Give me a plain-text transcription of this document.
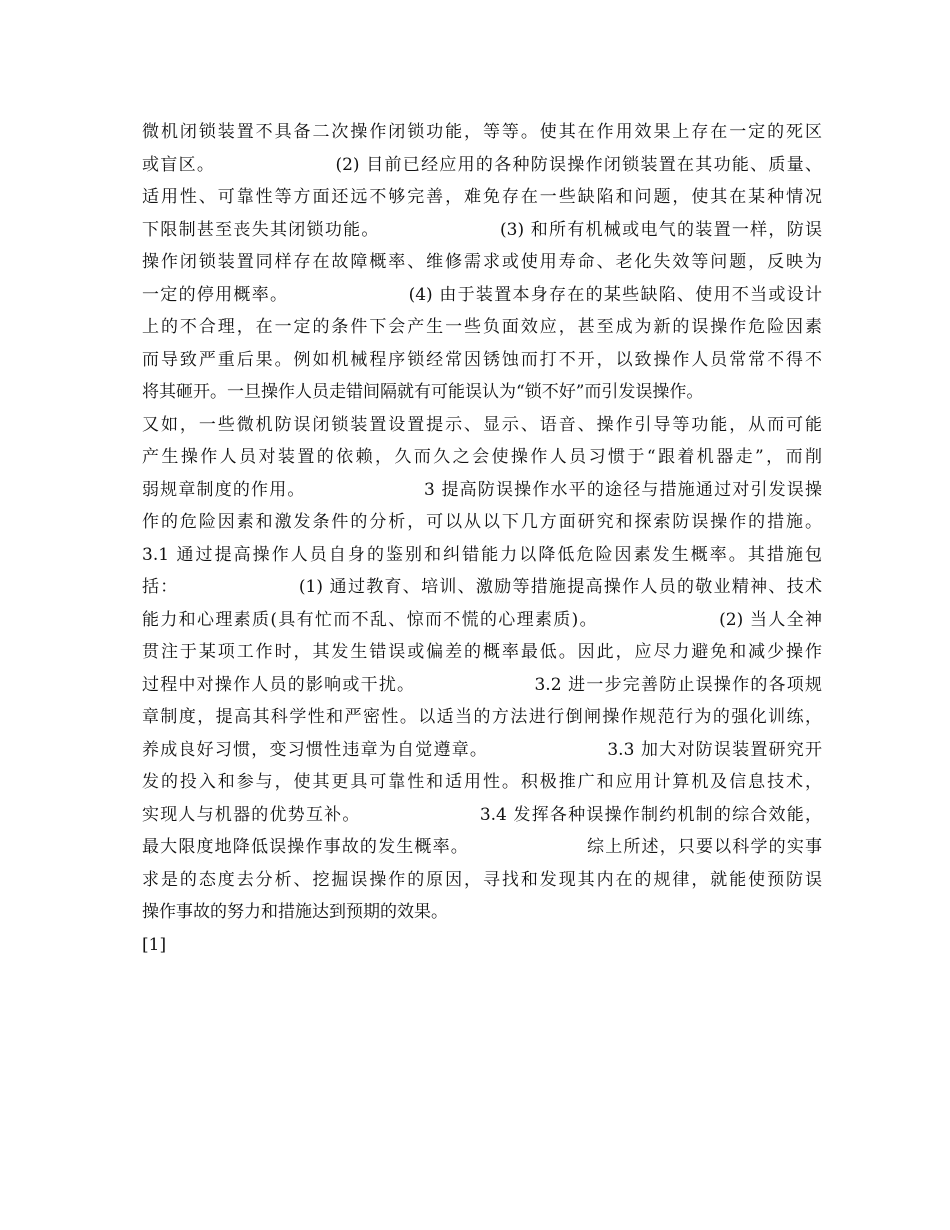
微机闭锁装置不具备二次操作闭锁功能，等等。使其在作用效果上存在一定的死区
或盲区。                  (2) 目前已经应用的各种防误操作闭锁装置在其功能、质量、
适用性、可靠性等方面还远不够完善，难免存在一些缺陷和问题，使其在某种情况
下限制甚至丧失其闭锁功能。                  (3) 和所有机械或电气的装置一样，防误
操作闭锁装置同样存在故障概率、维修需求或使用寿命、老化失效等问题，反映为
一定的停用概率。                  (4) 由于装置本身存在的某些缺陷、使用不当或设计
上的不合理，在一定的条件下会产生一些负面效应，甚至成为新的误操作危险因素
而导致严重后果。例如机械程序锁经常因锈蚀而打不开，以致操作人员常常不得不
将其砸开。一旦操作人员走错间隔就有可能误认为“锁不好”而引发误操作。
又如，一些微机防误闭锁装置设置提示、显示、语音、操作引导等功能，从而可能
产生操作人员对装置的依赖，久而久之会使操作人员习惯于“跟着机器走”，而削
弱规章制度的作用。                  3 提高防误操作水平的途径与措施通过对引发误操
作的危险因素和激发条件的分析，可以从以下几方面研究和探索防误操作的措施。
3.1 通过提高操作人员自身的鉴别和纠错能力以降低危险因素发生概率。其措施包
括：                  (1) 通过教育、培训、激励等措施提高操作人员的敬业精神、技术
能力和心理素质(具有忙而不乱、惊而不慌的心理素质)。                  (2) 当人全神
贯注于某项工作时，其发生错误或偏差的概率最低。因此，应尽力避免和减少操作
过程中对操作人员的影响或干扰。                  3.2 进一步完善防止误操作的各项规
章制度，提高其科学性和严密性。以适当的方法进行倒闸操作规范行为的强化训练，
养成良好习惯，变习惯性违章为自觉遵章。                  3.3 加大对防误装置研究开
发的投入和参与，使其更具可靠性和适用性。积极推广和应用计算机及信息技术，
实现人与机器的优势互补。                  3.4 发挥各种误操作制约机制的综合效能，
最大限度地降低误操作事故的发生概率。                  综上所述，只要以科学的实事
求是的态度去分析、挖掘误操作的原因，寻找和发现其内在的规律，就能使预防误
操作事故的努力和措施达到预期的效果。
[1]
